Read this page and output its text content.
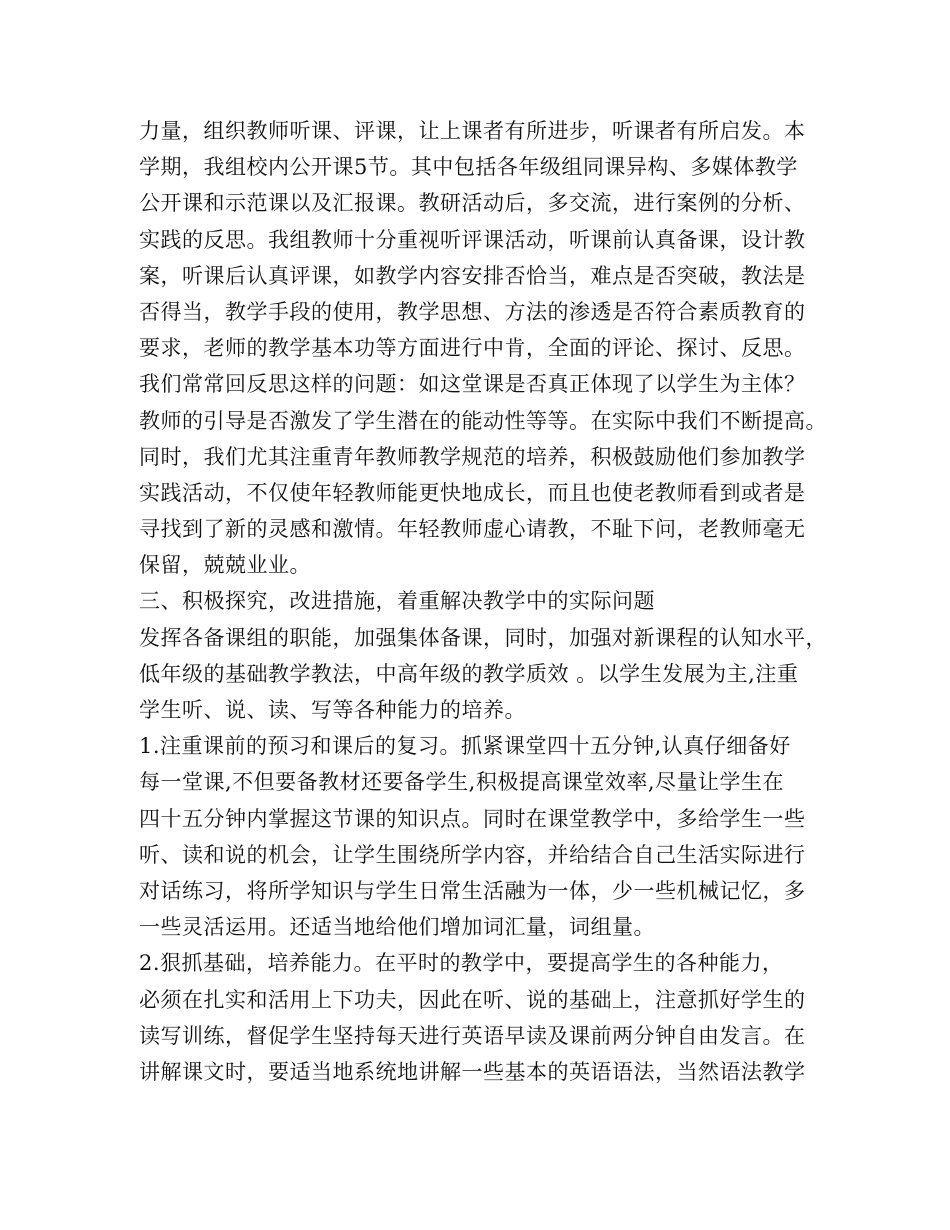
力量，组织教师听课、评课，让上课者有所进步，听课者有所启发。本
学期，我组校内公开课5节。其中包括各年级组同课异构、多媒体教学
公开课和示范课以及汇报课。教研活动后，多交流，进行案例的分析、
实践的反思。我组教师十分重视听评课活动，听课前认真备课，设计教
案，听课后认真评课，如教学内容安排否恰当，难点是否突破，教法是
否得当，教学手段的使用，教学思想、方法的渗透是否符合素质教育的
要求，老师的教学基本功等方面进行中肯，全面的评论、探讨、反思。
我们常常回反思这样的问题：如这堂课是否真正体现了以学生为主体？
教师的引导是否激发了学生潜在的能动性等等。在实际中我们不断提高。
同时，我们尤其注重青年教师教学规范的培养，积极鼓励他们参加教学
实践活动，不仅使年轻教师能更快地成长，而且也使老教师看到或者是
寻找到了新的灵感和激情。年轻教师虚心请教，不耻下问，老教师毫无
保留，兢兢业业。
三、积极探究，改进措施，着重解决教学中的实际问题
发挥各备课组的职能，加强集体备课，同时，加强对新课程的认知水平，
低年级的基础教学教法，中高年级的教学质效 。以学生发展为主,注重
学生听、说、读、写等各种能力的培养。
1.注重课前的预习和课后的复习。抓紧课堂四十五分钟,认真仔细备好
每一堂课,不但要备教材还要备学生,积极提高课堂效率,尽量让学生在
四十五分钟内掌握这节课的知识点。同时在课堂教学中，多给学生一些
听、读和说的机会，让学生围绕所学内容，并给结合自己生活实际进行
对话练习，将所学知识与学生日常生活融为一体，少一些机械记忆，多
一些灵活运用。还适当地给他们增加词汇量，词组量。
2.狠抓基础，培养能力。在平时的教学中，要提高学生的各种能力，
必须在扎实和活用上下功夫，因此在听、说的基础上，注意抓好学生的
读写训练，督促学生坚持每天进行英语早读及课前两分钟自由发言。在
讲解课文时，要适当地系统地讲解一些基本的英语语法，当然语法教学
